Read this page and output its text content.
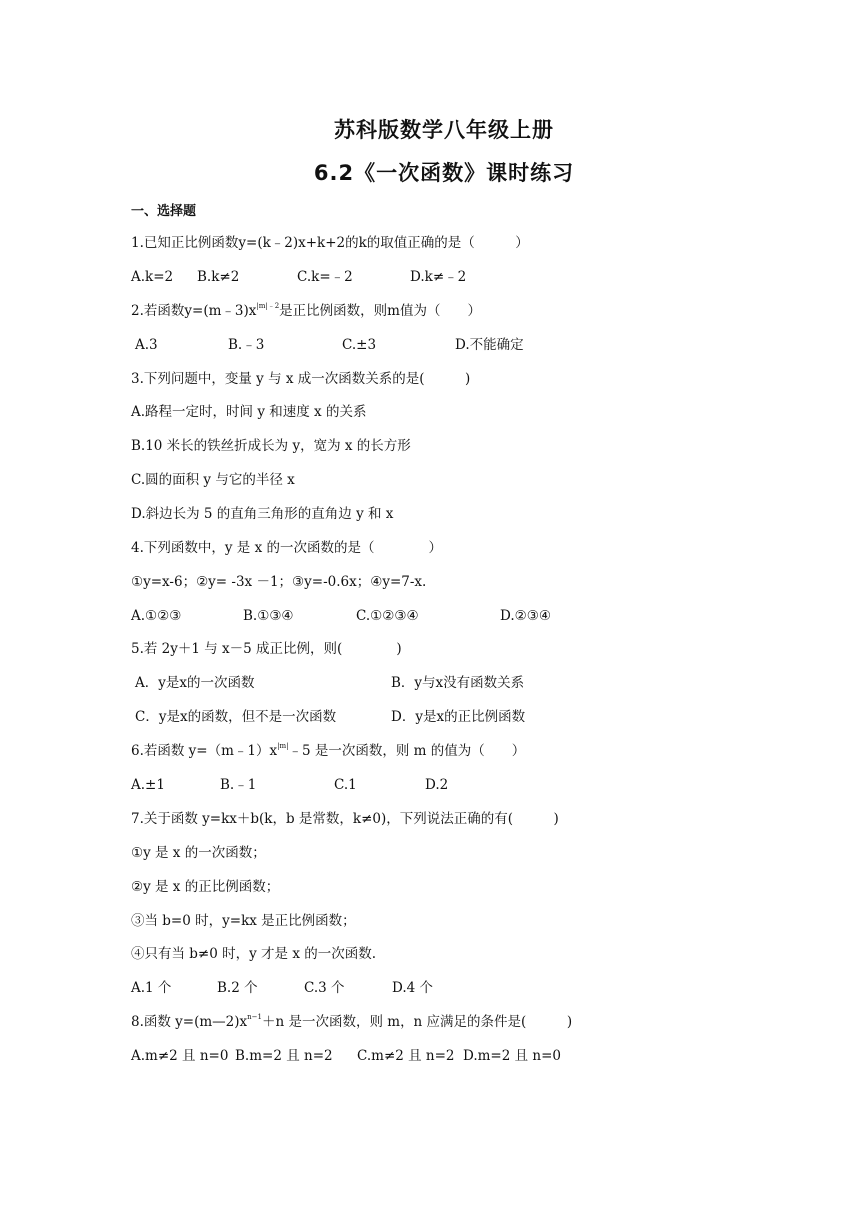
苏科版数学八年级上册
6.2《一次函数》课时练习
一、选择题
1.已知正比例函数y=(k﹣2)x+k+2的k的取值正确的是（　　　）
A.k=2 B.k≠2	C.k=﹣2	D.k≠﹣2
2.若函数$y=(m﹣3)x^{|m|﹣2}$是正比例函数，则m值为（　　）
A.3	B.﹣3	C.±3	D.不能确定
3.下列问题中，变量 y 与 x 成一次函数关系的是(　　　)
A.路程一定时，时间 y 和速度 x 的关系
B.10 米长的铁丝折成长为 y，宽为 x 的长方形
C.圆的面积 y 与它的半径 x
D.斜边长为 5 的直角三角形的直角边 y 和 x
4.下列函数中，y 是 x 的一次函数的是（　　　　）
①y=x-6；②y= -3x －1；③y=-0.6x；④y=7-x.
A.①②③	B.①③④	C.①②③④	D.②③④
5.若 2y＋1 与 x－5 成正比例，则(　　　　)
A．y是x的一次函数	B．y与x没有函数关系
C．y是x的函数，但不是一次函数	D．y是x的正比例函数
6.若函数 $y=(m﹣1)x^{|m|}﹣5$ 是一次函数，则 m 的值为（　　）
A.±1	B.﹣1	C.1	D.2
7.关于函数 y=kx＋b(k，b 是常数，k≠0)，下列说法正确的有(　　　)
①y 是 x 的一次函数；
②y 是 x 的正比例函数；
③当 b=0 时，y=kx 是正比例函数；
④只有当 b≠0 时，y 才是 x 的一次函数.
A.1 个	B.2 个	C.3 个	D.4 个
8.函数 $y=(m—2)x^{n-1}+n$ 是一次函数，则 m，n 应满足的条件是(　　　)
A.m≠2 且 n=0 B.m=2 且 n=2 C.m≠2 且 n=2 D.m=2 且 n=0
